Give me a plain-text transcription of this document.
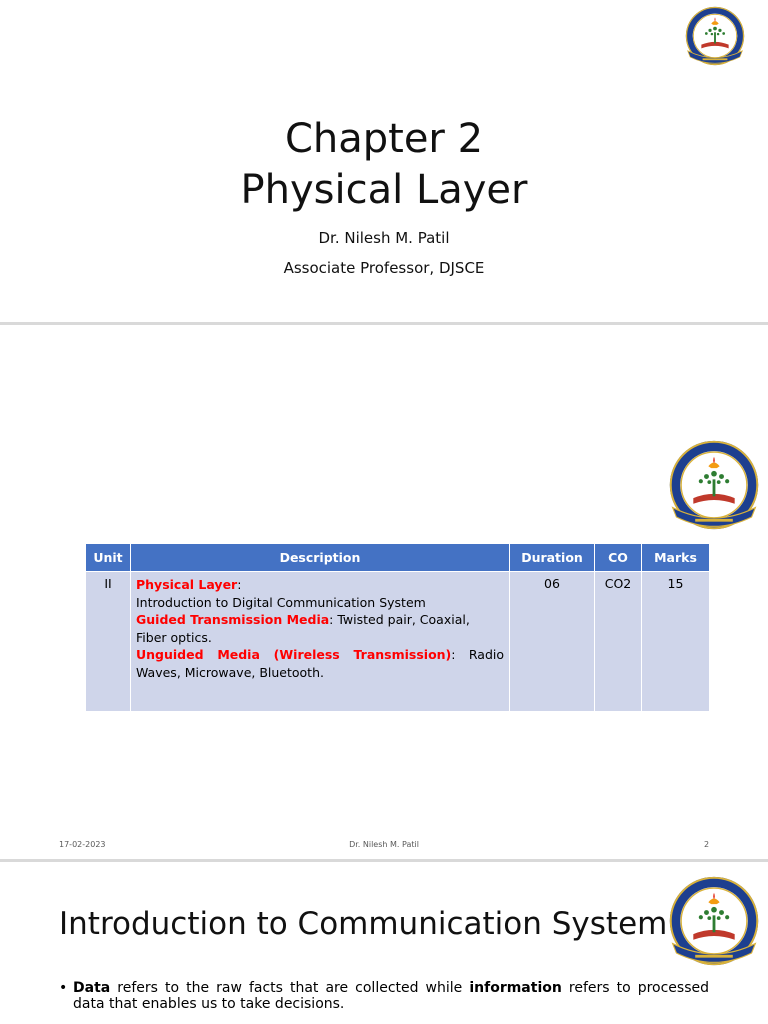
Chapter 2
Physical Layer
Dr. Nilesh M. Patil
Associate Professor, DJSCE
Unit	Description	Duration	CO	Marks
II	Physical Layer:
Introduction to Digital Communication System
Guided Transmission Media: Twisted pair, Coaxial, Fiber optics.
Unguided Media (Wireless Transmission): Radio Waves, Microwave, Bluetooth.	06	CO2	15
17-02-2023	Dr. Nilesh M. Patil	2
Introduction to Communication System
• Data refers to the raw facts that are collected while information refers to processed data that enables us to take decisions.
